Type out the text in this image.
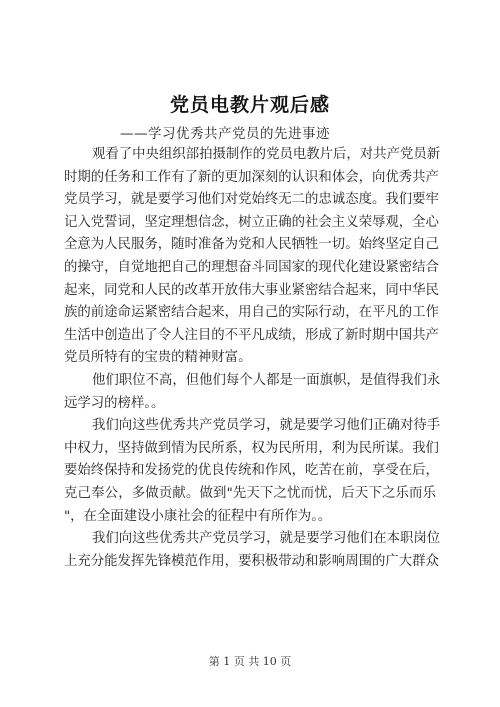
党员电教片观后感
——学习优秀共产党员的先进事迹
观看了中央组织部拍摄制作的党员电教片后，对共产党员新
时期的任务和工作有了新的更加深刻的认识和体会，向优秀共产
党员学习，就是要学习他们对党始终无二的忠诚态度。我们要牢
记入党誓词，坚定理想信念，树立正确的社会主义荣辱观，全心
全意为人民服务，随时准备为党和人民牺牲一切。始终坚定自己
的操守，自觉地把自己的理想奋斗同国家的现代化建设紧密结合
起来，同党和人民的改革开放伟大事业紧密结合起来，同中华民
族的前途命运紧密结合起来，用自己的实际行动，在平凡的工作
生活中创造出了令人注目的不平凡成绩，形成了新时期中国共产
党员所特有的宝贵的精神财富。
他们职位不高，但他们每个人都是一面旗帜，是值得我们永
远学习的榜样。。
我们向这些优秀共产党员学习，就是要学习他们正确对待手
中权力，坚持做到情为民所系，权为民所用，利为民所谋。我们
要始终保持和发扬党的优良传统和作风，吃苦在前，享受在后，
克己奉公，多做贡献。做到"先天下之忧而忧，后天下之乐而乐
"，在全面建设小康社会的征程中有所作为。。
我们向这些优秀共产党员学习，就是要学习他们在本职岗位
上充分能发挥先锋模范作用，要积极带动和影响周围的广大群众
第 1 页 共 10 页
